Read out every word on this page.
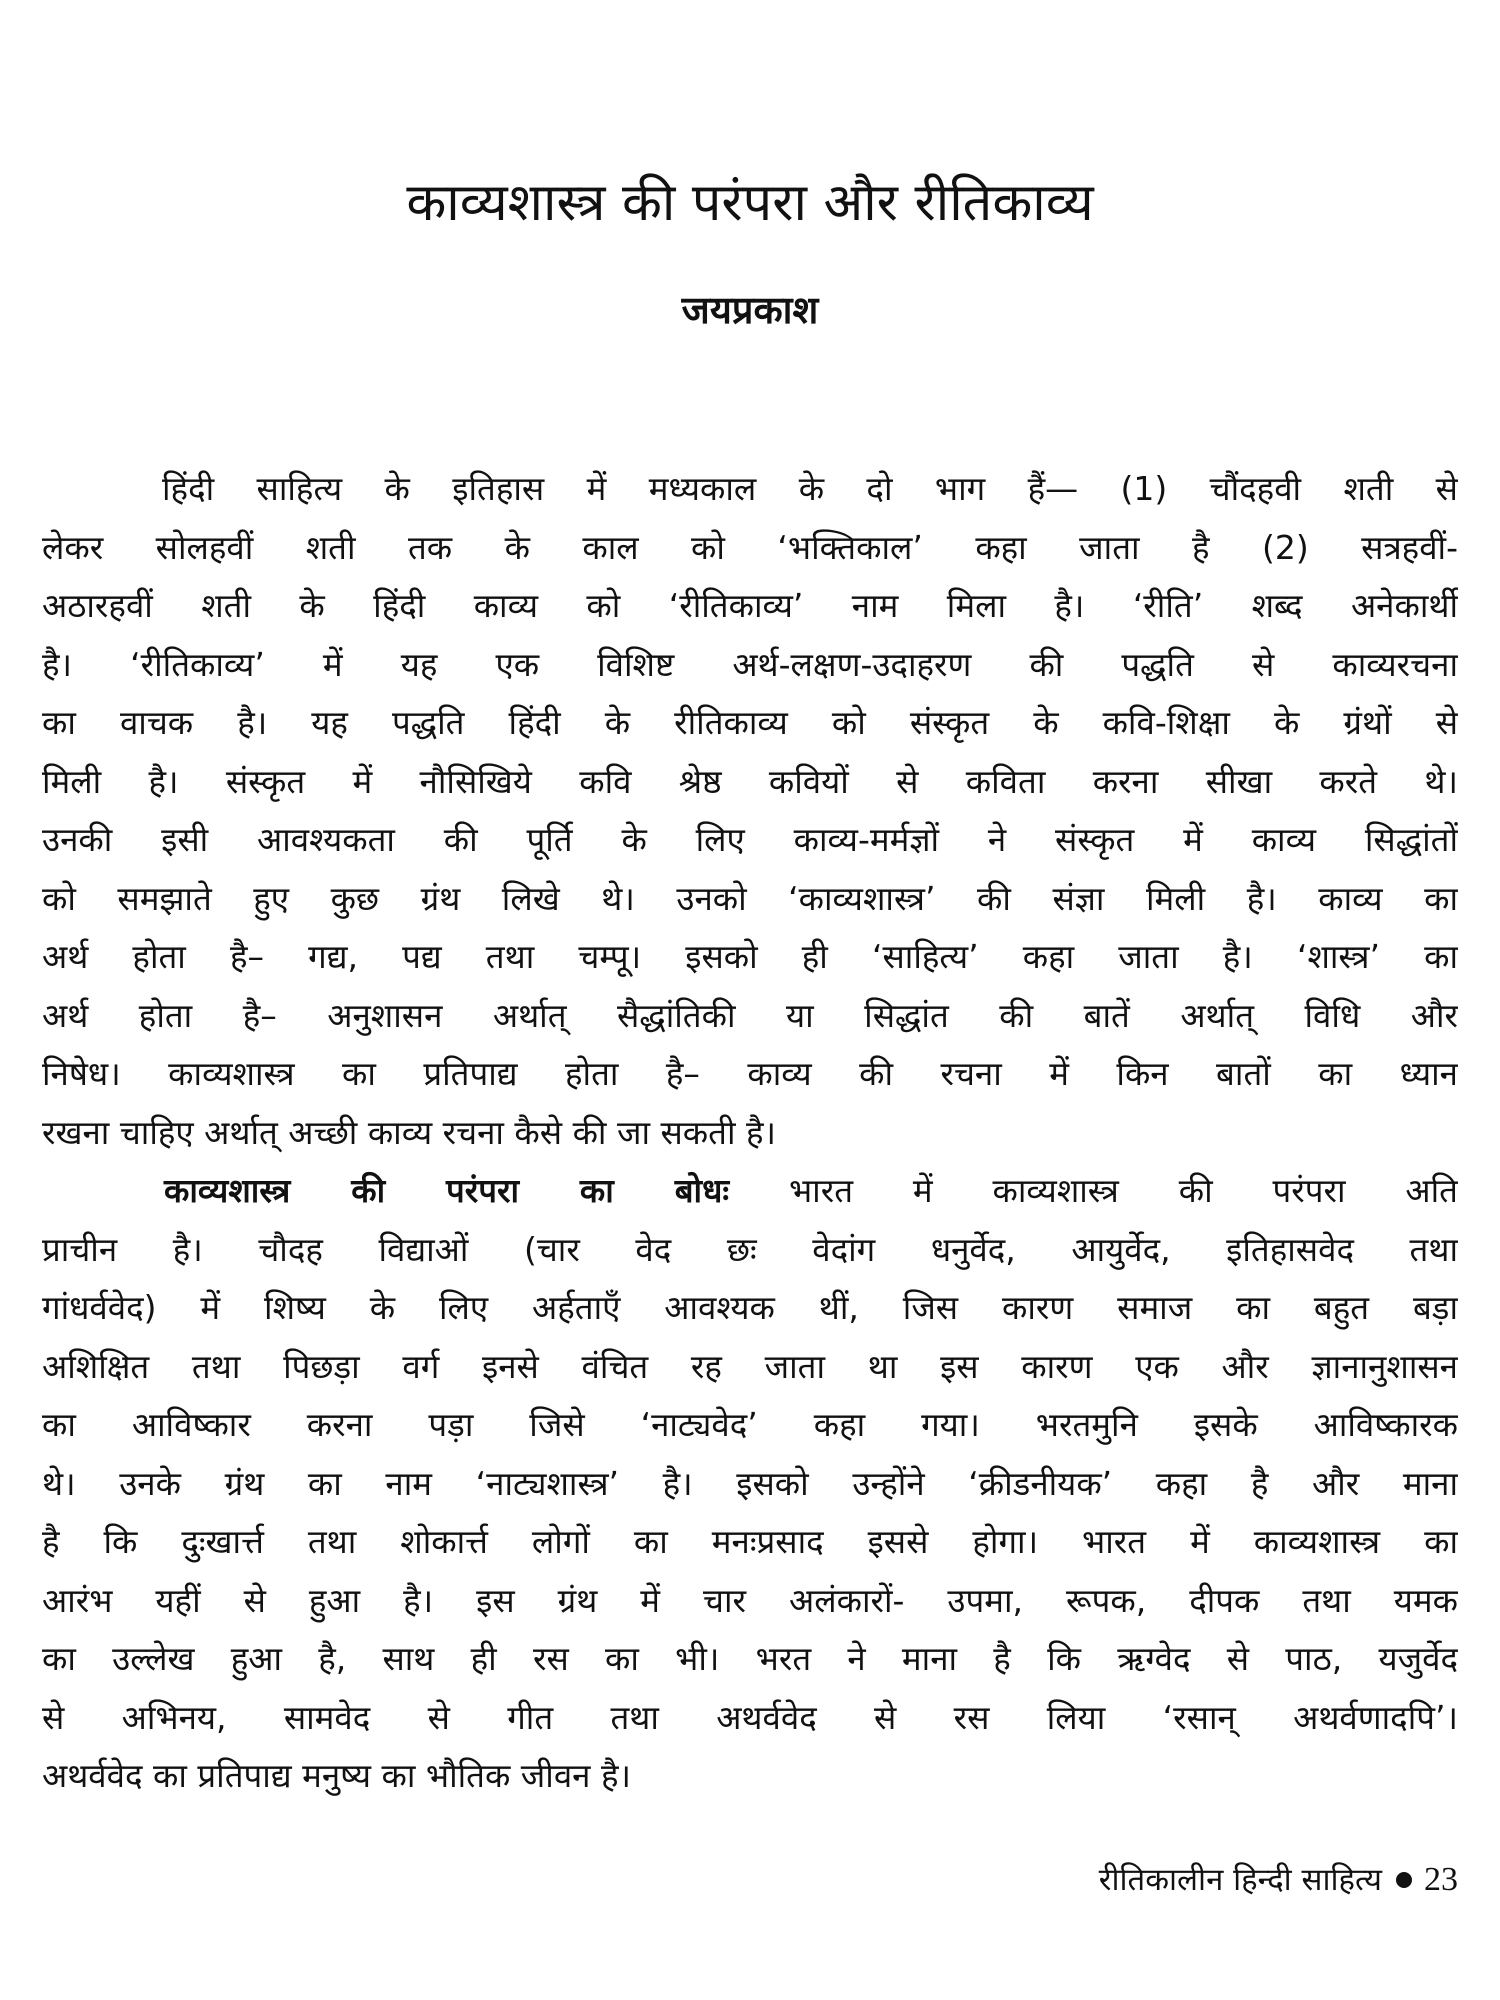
काव्यशास्त्र की परंपरा और रीतिकाव्य
जयप्रकाश

हिंदी साहित्य के इतिहास में मध्यकाल के दो भाग हैं— (1) चौंदहवी शती से
लेकर सोलहवीं शती तक के काल को ‘भक्तिकाल’ कहा जाता है (2) सत्रहवीं-
अठारहवीं शती के हिंदी काव्य को ‘रीतिकाव्य’ नाम मिला है। ‘रीति’ शब्द अनेकार्थी
है। ‘रीतिकाव्य’ में यह एक विशिष्ट अर्थ-लक्षण-उदाहरण की पद्धति से काव्यरचना
का वाचक है। यह पद्धति हिंदी के रीतिकाव्य को संस्कृत के कवि-शिक्षा के ग्रंथों से
मिली है। संस्कृत में नौसिखिये कवि श्रेष्ठ कवियों से कविता करना सीखा करते थे।
उनकी इसी आवश्यकता की पूर्ति के लिए काव्य-मर्मज्ञों ने संस्कृत में काव्य सिद्धांतों
को समझाते हुए कुछ ग्रंथ लिखे थे। उनको ‘काव्यशास्त्र’ की संज्ञा मिली है। काव्य का
अर्थ होता है– गद्य, पद्य तथा चम्पू। इसको ही ‘साहित्य’ कहा जाता है। ‘शास्त्र’ का
अर्थ होता है– अनुशासन अर्थात् सैद्धांतिकी या सिद्धांत की बातें अर्थात् विधि और
निषेध। काव्यशास्त्र का प्रतिपाद्य होता है– काव्य की रचना में किन बातों का ध्यान
रखना चाहिए अर्थात् अच्छी काव्य रचना कैसे की जा सकती है।

काव्यशास्त्र की परंपरा का बोधः भारत में काव्यशास्त्र की परंपरा अति
प्राचीन है। चौदह विद्याओं (चार वेद छः वेदांग धनुर्वेद, आयुर्वेद, इतिहासवेद तथा
गांधर्ववेद) में शिष्य के लिए अर्हताएँ आवश्यक थीं, जिस कारण समाज का बहुत बड़ा
अशिक्षित तथा पिछड़ा वर्ग इनसे वंचित रह जाता था इस कारण एक और ज्ञानानुशासन
का आविष्कार करना पड़ा जिसे ‘नाट्यवेद’ कहा गया। भरतमुनि इसके आविष्कारक
थे। उनके ग्रंथ का नाम ‘नाट्यशास्त्र’ है। इसको उन्होंने ‘क्रीडनीयक’ कहा है और माना
है कि दुःखार्त्त तथा शोकार्त्त लोगों का मनःप्रसाद इससे होगा। भारत में काव्यशास्त्र का
आरंभ यहीं से हुआ है। इस ग्रंथ में चार अलंकारों- उपमा, रूपक, दीपक तथा यमक
का उल्लेख हुआ है, साथ ही रस का भी। भरत ने माना है कि ऋग्वेद से पाठ, यजुर्वेद
से अभिनय, सामवेद से गीत तथा अथर्ववेद से रस लिया ‘रसान् अथर्वणादपि’।
अथर्ववेद का प्रतिपाद्य मनुष्य का भौतिक जीवन है।

रीतिकालीन हिन्दी साहित्य 23
